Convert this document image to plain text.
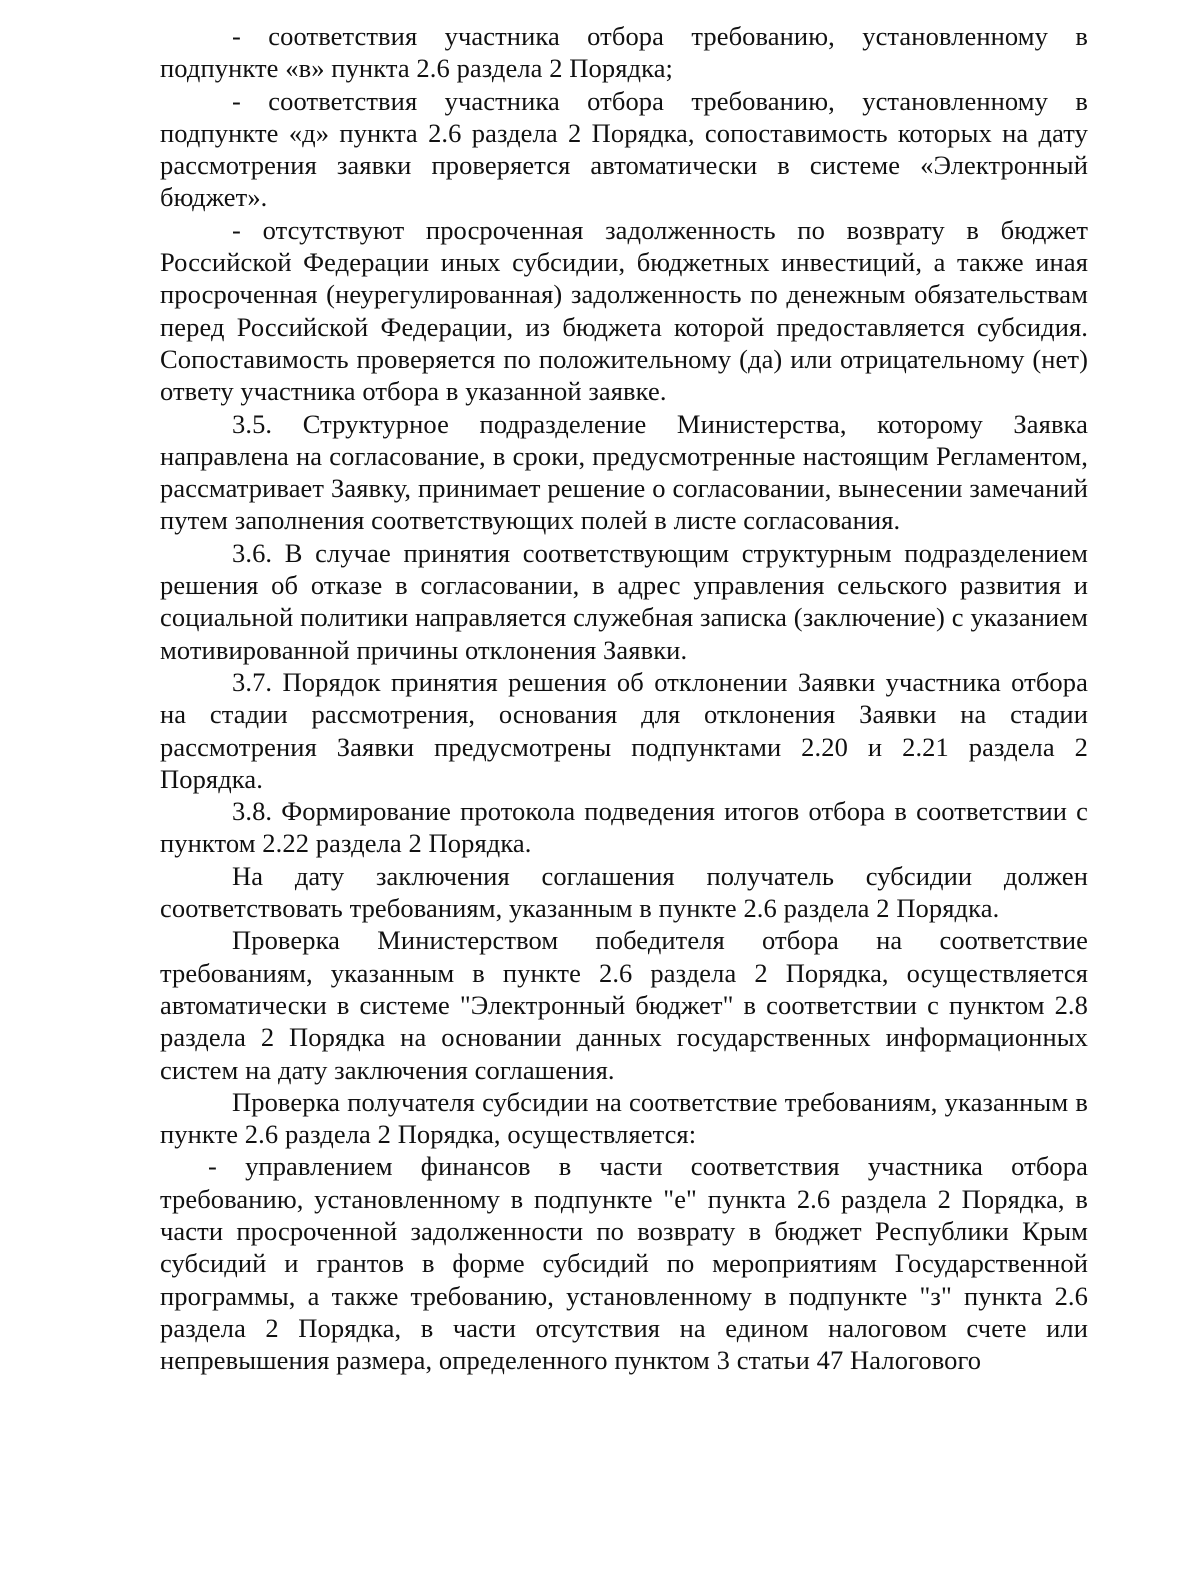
- соответствия участника отбора требованию, установленному в подпункте «в» пункта 2.6 раздела 2 Порядка;

- соответствия участника отбора требованию, установленному в подпункте «д» пункта 2.6 раздела 2 Порядка, сопоставимость которых на дату рассмотрения заявки проверяется автоматически в системе «Электронный бюджет».

- отсутствуют просроченная задолженность по возврату в бюджет Российской Федерации иных субсидии, бюджетных инвестиций, а также иная просроченная (неурегулированная) задолженность по денежным обязательствам перед Российской Федерации, из бюджета которой предоставляется субсидия. Сопоставимость проверяется по положительному (да) или отрицательному (нет) ответу участника отбора в указанной заявке.

3.5. Структурное подразделение Министерства, которому Заявка направлена на согласование, в сроки, предусмотренные настоящим Регламентом, рассматривает Заявку, принимает решение о согласовании, вынесении замечаний путем заполнения соответствующих полей в листе согласования.

3.6. В случае принятия соответствующим структурным подразделением решения об отказе в согласовании, в адрес управления сельского развития и социальной политики направляется служебная записка (заключение) с указанием мотивированной причины отклонения Заявки.

3.7. Порядок принятия решения об отклонении Заявки участника отбора на стадии рассмотрения, основания для отклонения Заявки на стадии рассмотрения Заявки предусмотрены подпунктами 2.20 и 2.21 раздела 2 Порядка.

3.8. Формирование протокола подведения итогов отбора в соответствии с пунктом 2.22 раздела 2 Порядка.

На дату заключения соглашения получатель субсидии должен соответствовать требованиям, указанным в пункте 2.6 раздела 2 Порядка.

Проверка Министерством победителя отбора на соответствие требованиям, указанным в пункте 2.6 раздела 2 Порядка, осуществляется автоматически в системе "Электронный бюджет" в соответствии с пунктом 2.8 раздела 2 Порядка на основании данных государственных информационных систем на дату заключения соглашения.

Проверка получателя субсидии на соответствие требованиям, указанным в пункте 2.6 раздела 2 Порядка, осуществляется:

- управлением финансов в части соответствия участника отбора требованию, установленному в подпункте "е" пункта 2.6 раздела 2 Порядка, в части просроченной задолженности по возврату в бюджет Республики Крым субсидий и грантов в форме субсидий по мероприятиям Государственной программы, а также требованию, установленному в подпункте "з" пункта 2.6 раздела 2 Порядка, в части отсутствия на едином налоговом счете или непревышения размера, определенного пунктом 3 статьи 47 Налогового
